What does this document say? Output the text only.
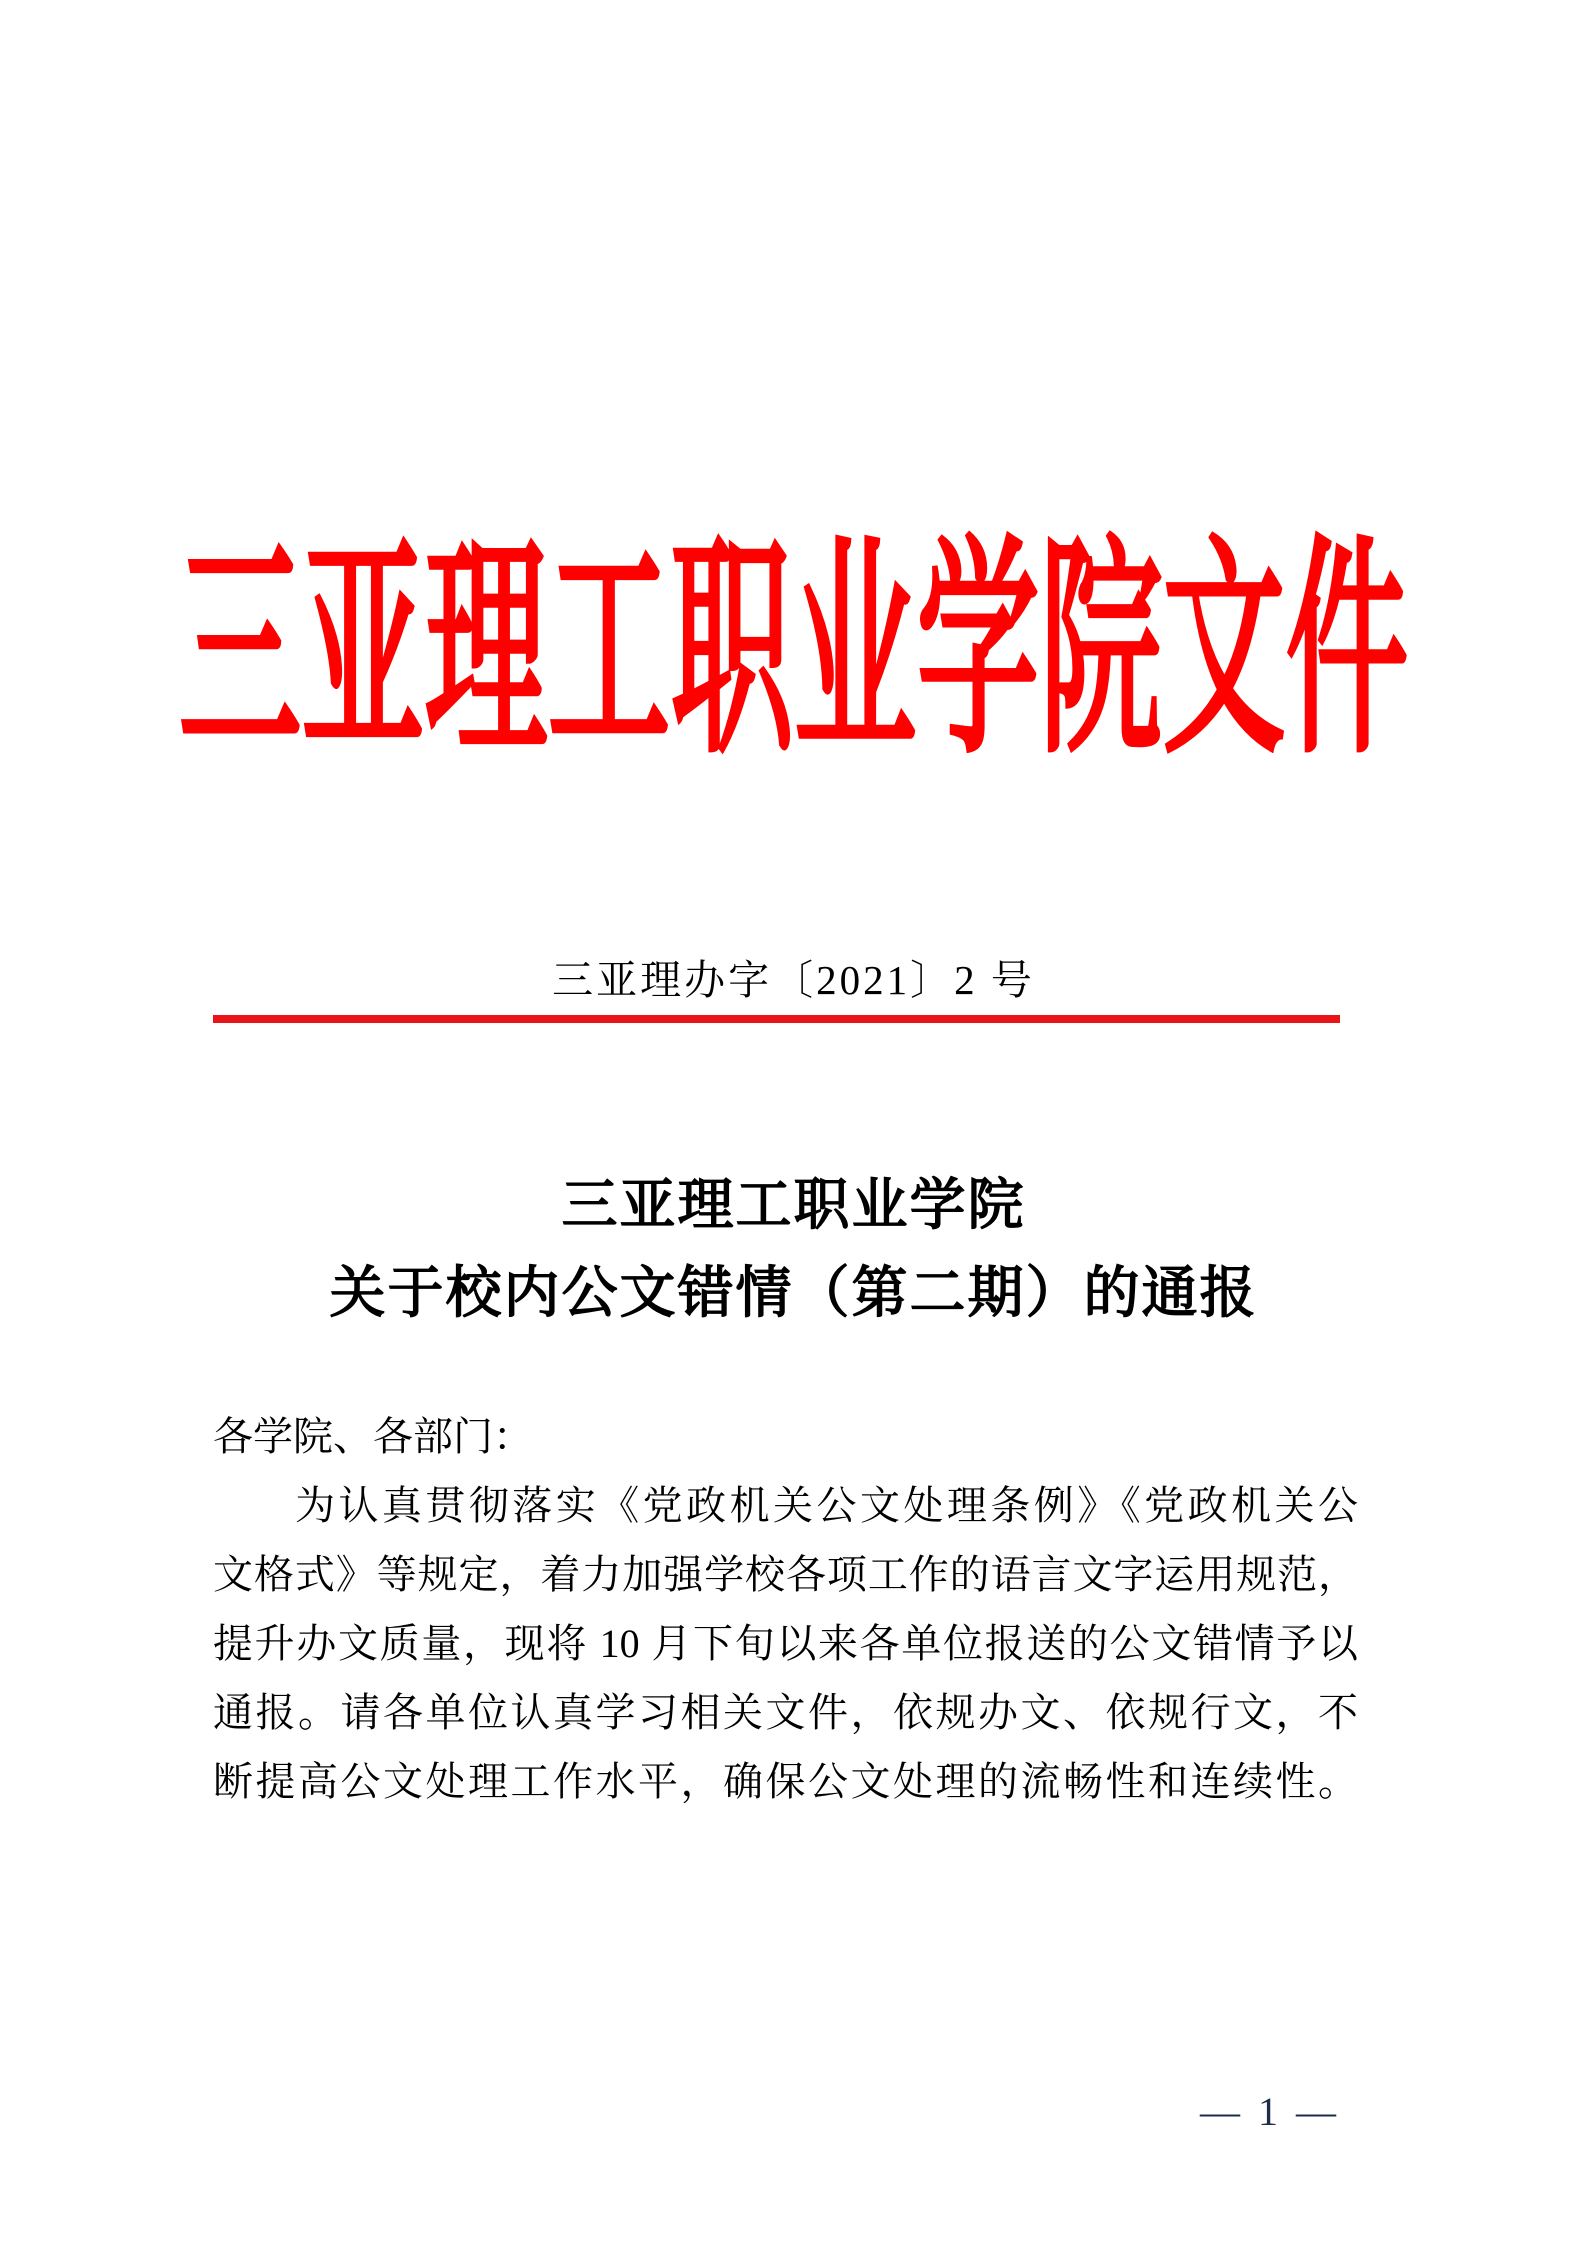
三亚理工职业学院文件
三亚理办字〔2021〕2 号
三亚理工职业学院
关于校内公文错情（第二期）的通报
各学院、各部门：
为认真贯彻落实《党政机关公文处理条例》《党政机关公
文格式》等规定，着力加强学校各项工作的语言文字运用规范，
提升办文质量，现将 10 月下旬以来各单位报送的公文错情予以
通报。请各单位认真学习相关文件，依规办文、依规行文，不
断提高公文处理工作水平，确保公文处理的流畅性和连续性。
— 1 —
